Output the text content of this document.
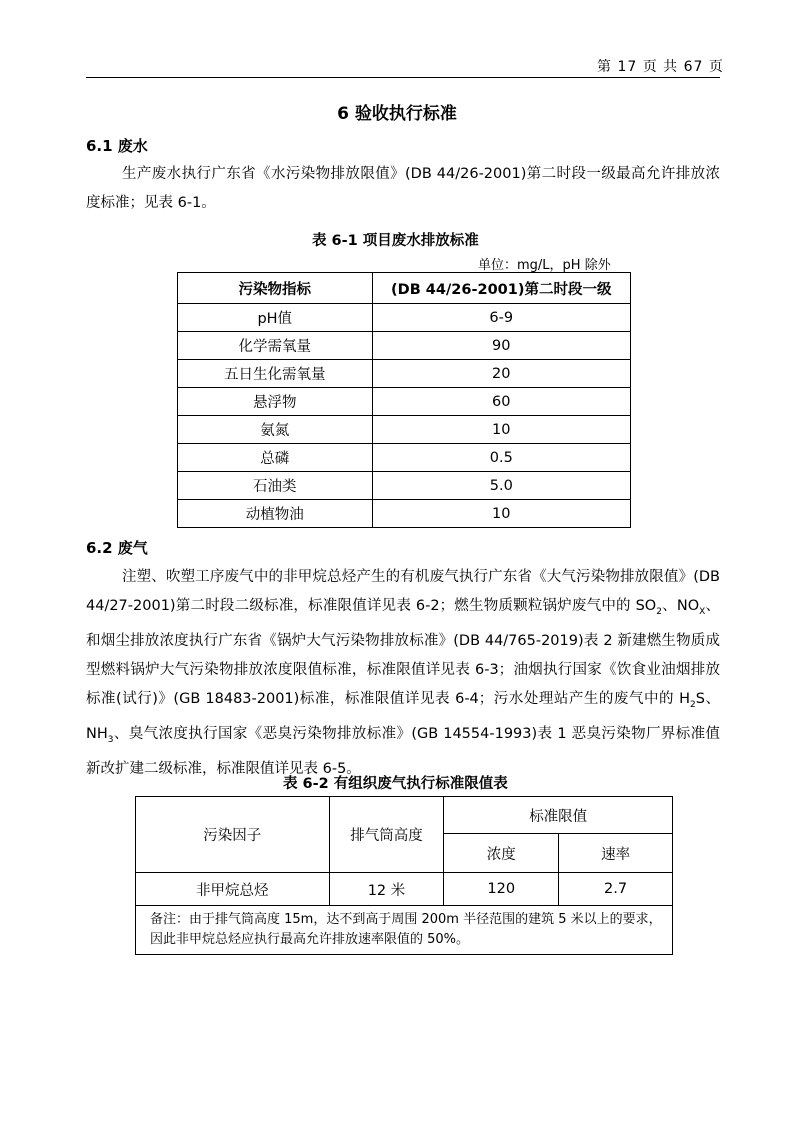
第 17 页 共 67 页
6 验收执行标准
6.1 废水
生产废水执行广东省《水污染物排放限值》(DB 44/26-2001)第二时段一级最高允许排放浓度标准；见表 6-1。
表 6-1 项目废水排放标准
单位：mg/L，pH 除外
污染物指标	(DB 44/26-2001)第二时段一级
pH值	6-9
化学需氧量	90
五日生化需氧量	20
悬浮物	60
氨氮	10
总磷	0.5
石油类	5.0
动植物油	10
6.2 废气
注塑、吹塑工序废气中的非甲烷总烃产生的有机废气执行广东省《大气污染物排放限值》(DB 44/27-2001)第二时段二级标准，标准限值详见表 6-2；燃生物质颗粒锅炉废气中的 $SO_2$、$NO_X$、和烟尘排放浓度执行广东省《锅炉大气污染物排放标准》(DB 44/765-2019)表 2 新建燃生物质成型燃料锅炉大气污染物排放浓度限值标准，标准限值详见表 6-3；油烟执行国家《饮食业油烟排放标准(试行)》(GB 18483-2001)标准，标准限值详见表 6-4；污水处理站产生的废气中的 $H_2S$、$NH_3$、臭气浓度执行国家《恶臭污染物排放标准》(GB 14554-1993)表 1 恶臭污染物厂界标准值新改扩建二级标准，标准限值详见表 6-5。
表 6-2 有组织废气执行标准限值表
污染因子	排气筒高度	标准限值	
		浓度	速率
非甲烷总烃	12 米	120	2.7
备注：由于排气筒高度 15m，达不到高于周围 200m 半径范围的建筑 5 米以上的要求，因此非甲烷总烃应执行最高允许排放速率限值的 50%。			
